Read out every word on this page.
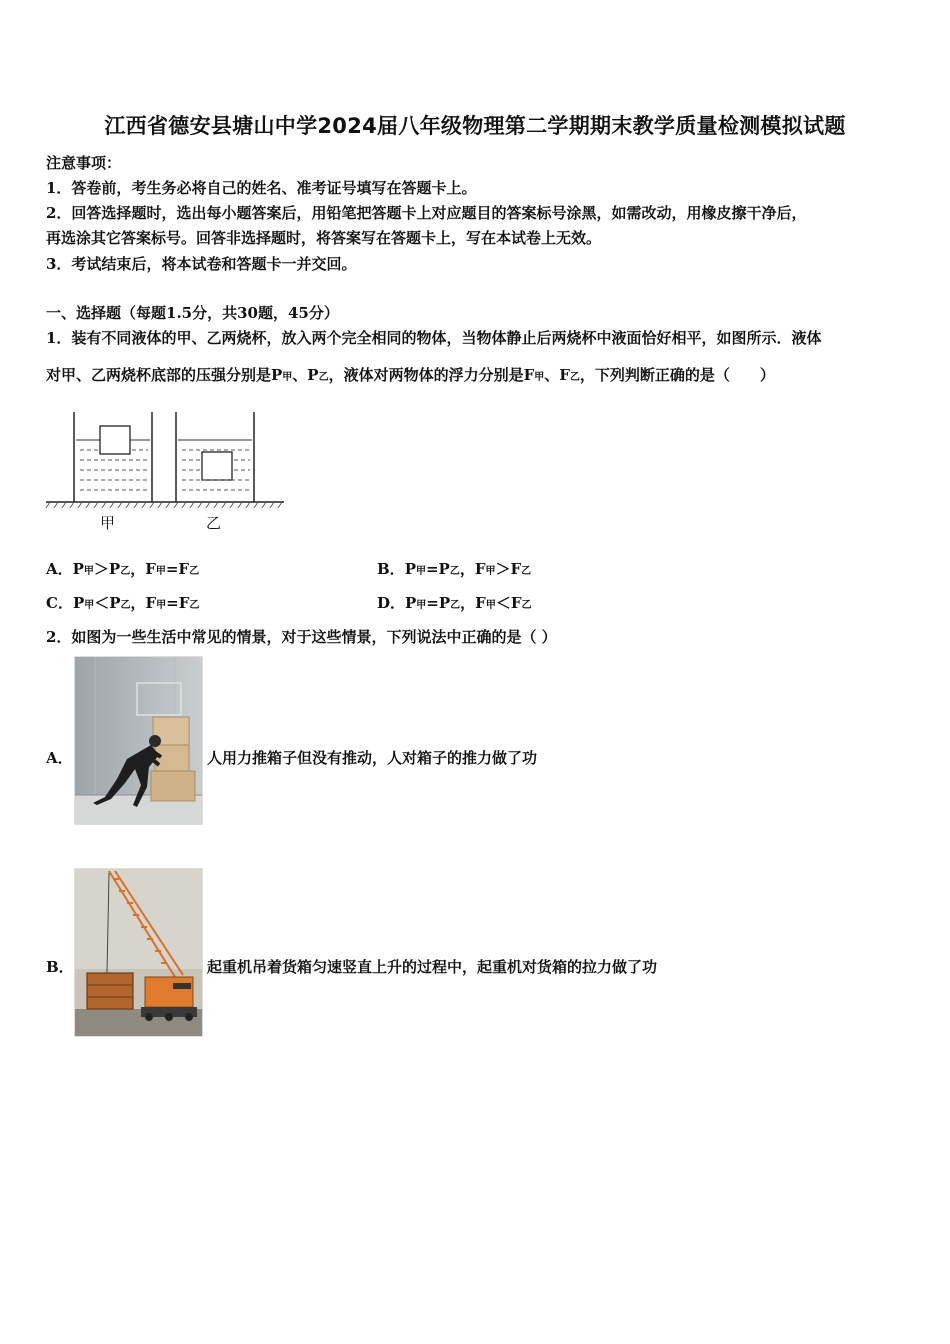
江西省德安县塘山中学2024届八年级物理第二学期期末教学质量检测模拟试题
注意事项：
1．答卷前，考生务必将自己的姓名、准考证号填写在答题卡上。
2．回答选择题时，选出每小题答案后，用铅笔把答题卡上对应题目的答案标号涂黑，如需改动，用橡皮擦干净后，
再选涂其它答案标号。回答非选择题时，将答案写在答题卡上，写在本试卷上无效。
3．考试结束后，将本试卷和答题卡一并交回。
一、选择题（每题1.5分，共30题，45分）
1．装有不同液体的甲、乙两烧杯，放入两个完全相同的物体，当物体静止后两烧杯中液面恰好相平，如图所示．液体
对甲、乙两烧杯底部的压强分别是P甲、P乙，液体对两物体的浮力分别是F甲、F乙，下列判断正确的是（　　）
甲	乙
A．P甲＞P乙，F甲=F乙	B．P甲=P乙，F甲＞F乙
C．P甲＜P乙，F甲=F乙	D．P甲=P乙，F甲＜F乙
2．如图为一些生活中常见的情景，对于这些情景，下列说法中正确的是（ ）
A．	人用力推箱子但没有推动，人对箱子的推力做了功
B．	起重机吊着货箱匀速竖直上升的过程中，起重机对货箱的拉力做了功
